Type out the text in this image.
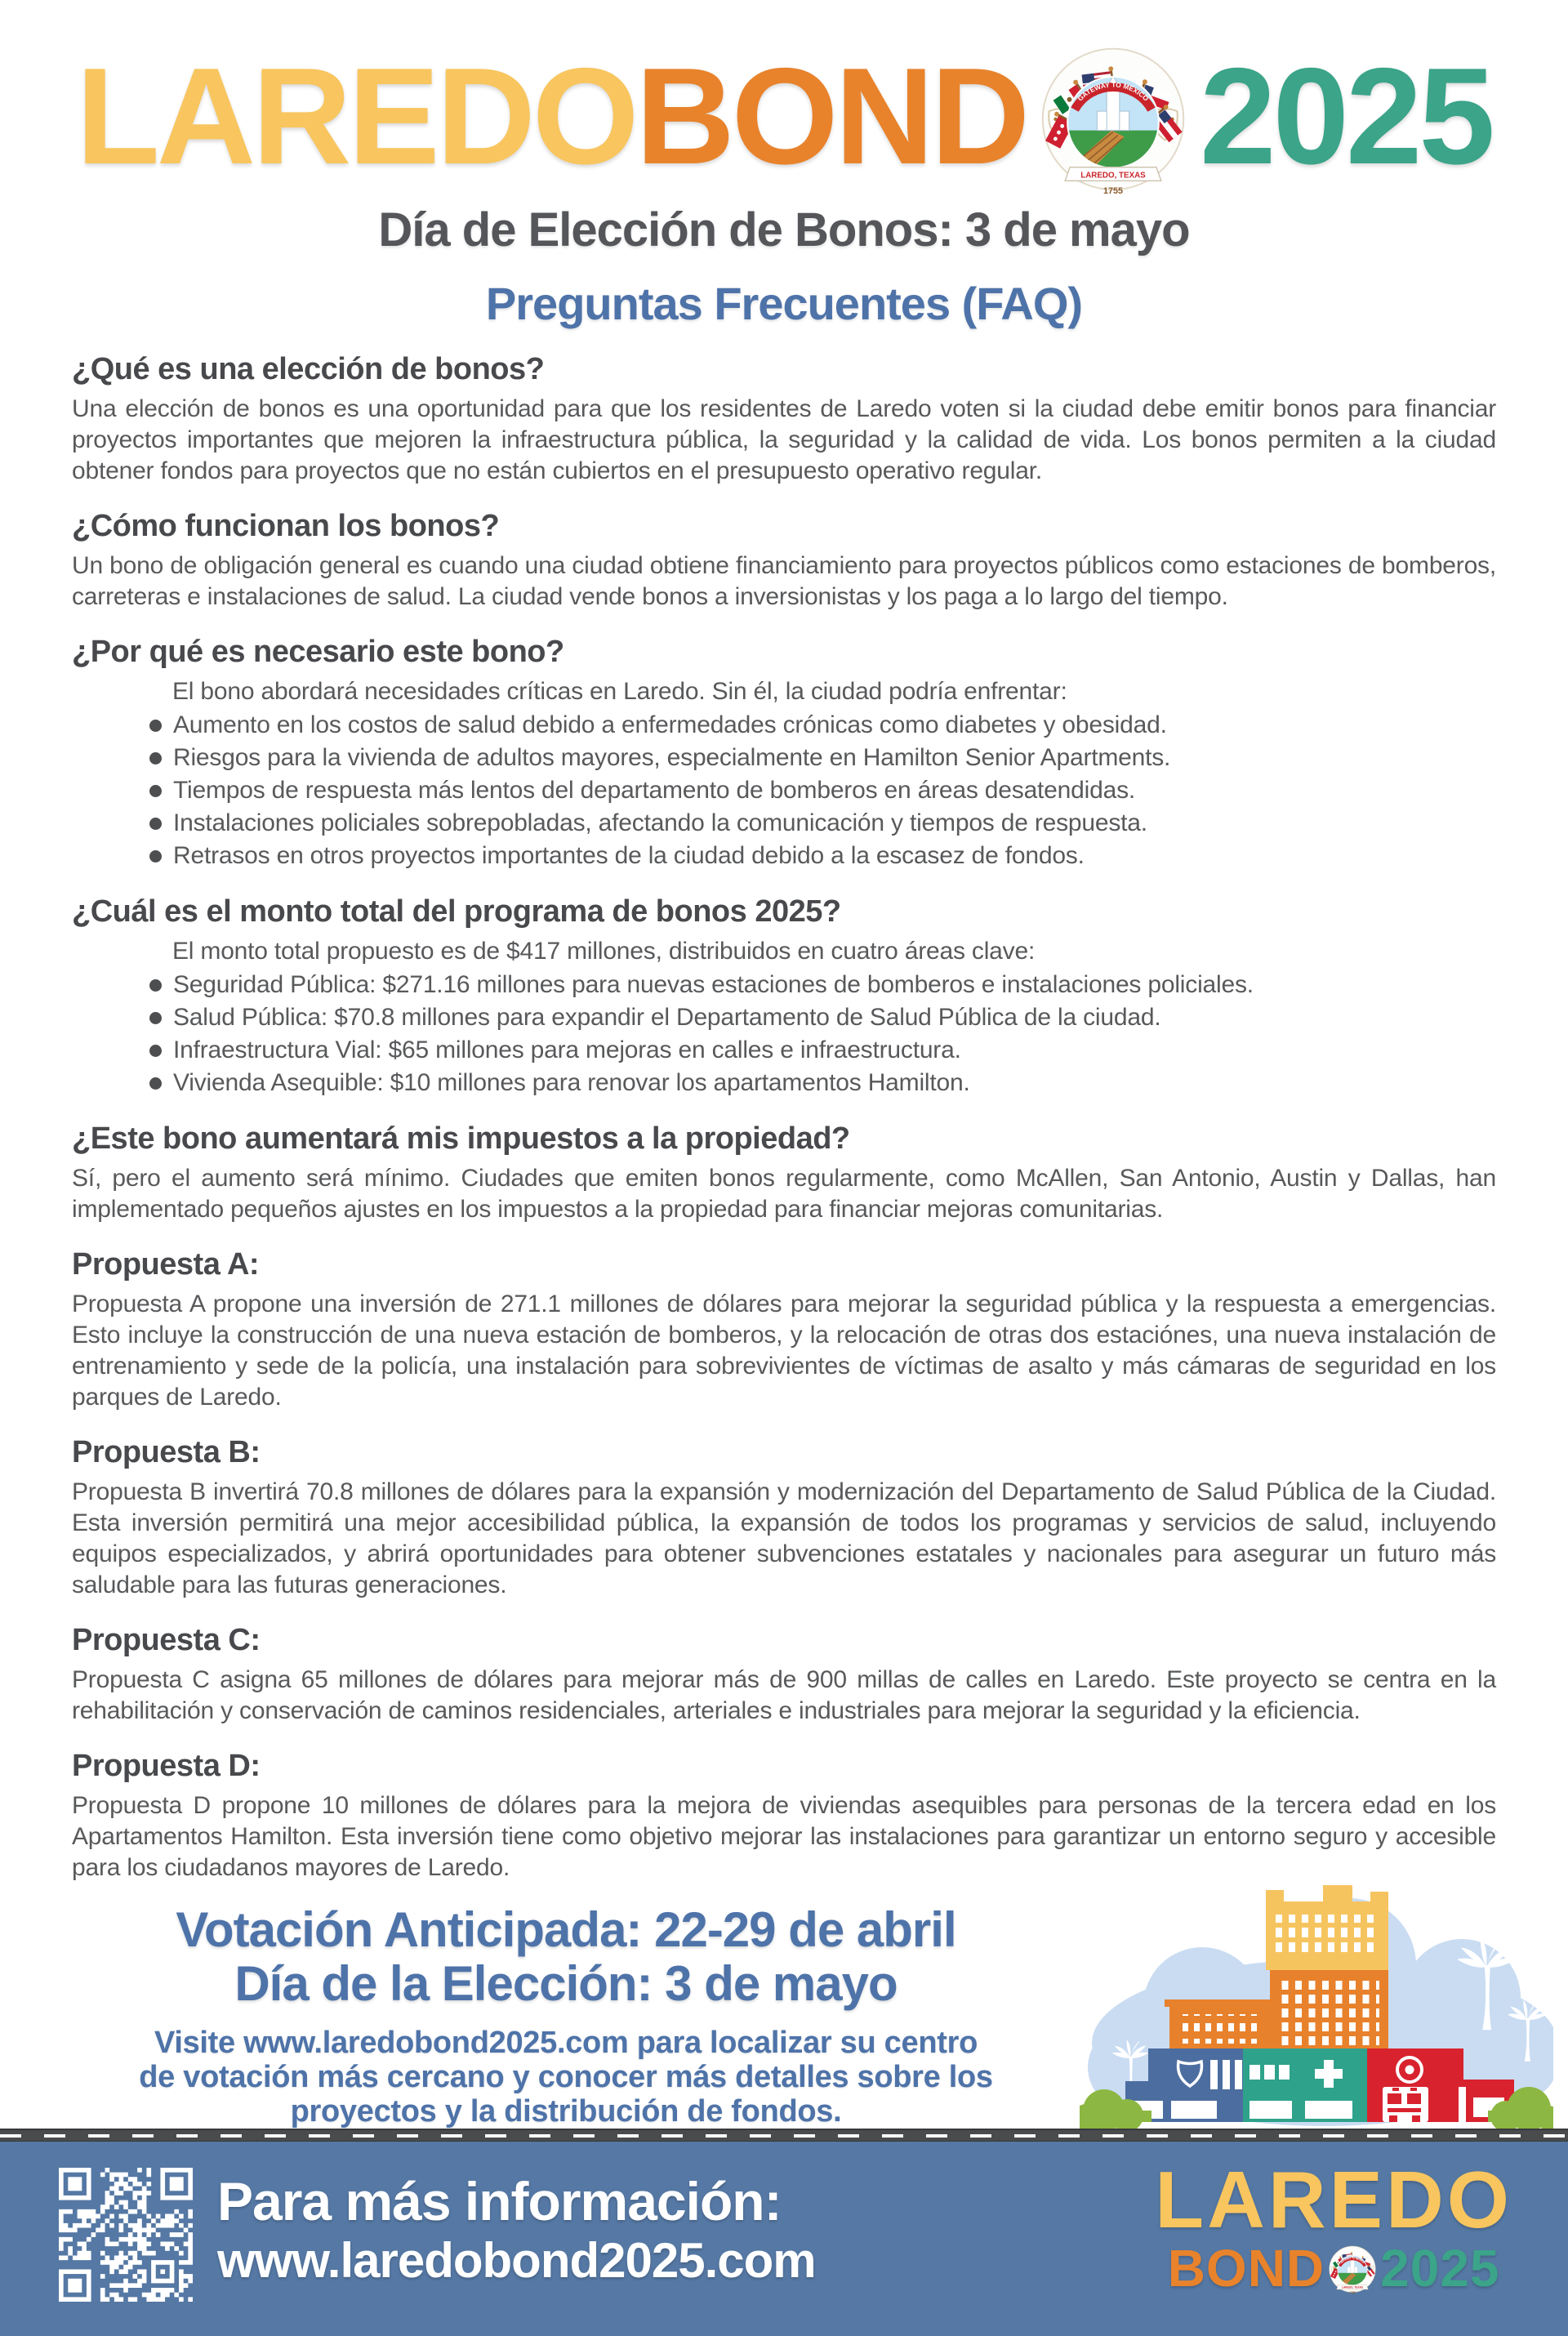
LAREDO BOND 2025
Día de Elección de Bonos: 3 de mayo
Preguntas Frecuentes (FAQ)
¿Qué es una elección de bonos?

Una elección de bonos es una oportunidad para que los residentes de Laredo voten si la ciudad debe emitir bonos para financiar proyectos importantes que mejoren la infraestructura pública, la seguridad y la calidad de vida. Los bonos permiten a la ciudad obtener fondos para proyectos que no están cubiertos en el presupuesto operativo regular.

¿Cómo funcionan los bonos?

Un bono de obligación general es cuando una ciudad obtiene financiamiento para proyectos públicos como estaciones de bomberos, carreteras e instalaciones de salud. La ciudad vende bonos a inversionistas y los paga a lo largo del tiempo.

¿Por qué es necesario este bono?

El bono abordará necesidades críticas en Laredo. Sin él, la ciudad podría enfrentar:

Aumento en los costos de salud debido a enfermedades crónicas como diabetes y obesidad.
Riesgos para la vivienda de adultos mayores, especialmente en Hamilton Senior Apartments.
Tiempos de respuesta más lentos del departamento de bomberos en áreas desatendidas.
Instalaciones policiales sobrepobladas, afectando la comunicación y tiempos de respuesta.
Retrasos en otros proyectos importantes de la ciudad debido a la escasez de fondos.
¿Cuál es el monto total del programa de bonos 2025?

El monto total propuesto es de $417 millones, distribuidos en cuatro áreas clave:

Seguridad Pública: $271.16 millones para nuevas estaciones de bomberos e instalaciones policiales.
Salud Pública: $70.8 millones para expandir el Departamento de Salud Pública de la ciudad.
Infraestructura Vial: $65 millones para mejoras en calles e infraestructura.
Vivienda Asequible: $10 millones para renovar los apartamentos Hamilton.
¿Este bono aumentará mis impuestos a la propiedad?

Sí, pero el aumento será mínimo. Ciudades que emiten bonos regularmente, como McAllen, San Antonio, Austin y Dallas, han implementado pequeños ajustes en los impuestos a la propiedad para financiar mejoras comunitarias.

Propuesta A:

Propuesta A propone una inversión de 271.1 millones de dólares para mejorar la seguridad pública y la respuesta a emergencias. Esto incluye la construcción de una nueva estación de bomberos, y la relocación de otras dos estaciónes, una nueva instalación de entrenamiento y sede de la policía, una instalación para sobrevivientes de víctimas de asalto y más cámaras de seguridad en los parques de Laredo.

Propuesta B:

Propuesta B invertirá 70.8 millones de dólares para la expansión y modernización del Departamento de Salud Pública de la Ciudad. Esta inversión permitirá una mejor accesibilidad pública, la expansión de todos los programas y servicios de salud, incluyendo equipos especializados, y abrirá oportunidades para obtener subvenciones estatales y nacionales para asegurar un futuro más saludable para las futuras generaciones.

Propuesta C:

Propuesta C asigna 65 millones de dólares para mejorar más de 900 millas de calles en Laredo. Este proyecto se centra en la rehabilitación y conservación de caminos residenciales, arteriales e industriales para mejorar la seguridad y la eficiencia.

Propuesta D:

Propuesta D propone 10 millones de dólares para la mejora de viviendas asequibles para personas de la tercera edad en los Apartamentos Hamilton. Esta inversión tiene como objetivo mejorar las instalaciones para garantizar un entorno seguro y accesible para los ciudadanos mayores de Laredo.

Votación Anticipada: 22-29 de abril
Día de la Elección: 3 de mayo
Visite www.laredobond2025.com para localizar su centro
de votación más cercano y conocer más detalles sobre los
proyectos y la distribución de fondos.
Para más información:
www.laredobond2025.com
LAREDO
BOND 2025
